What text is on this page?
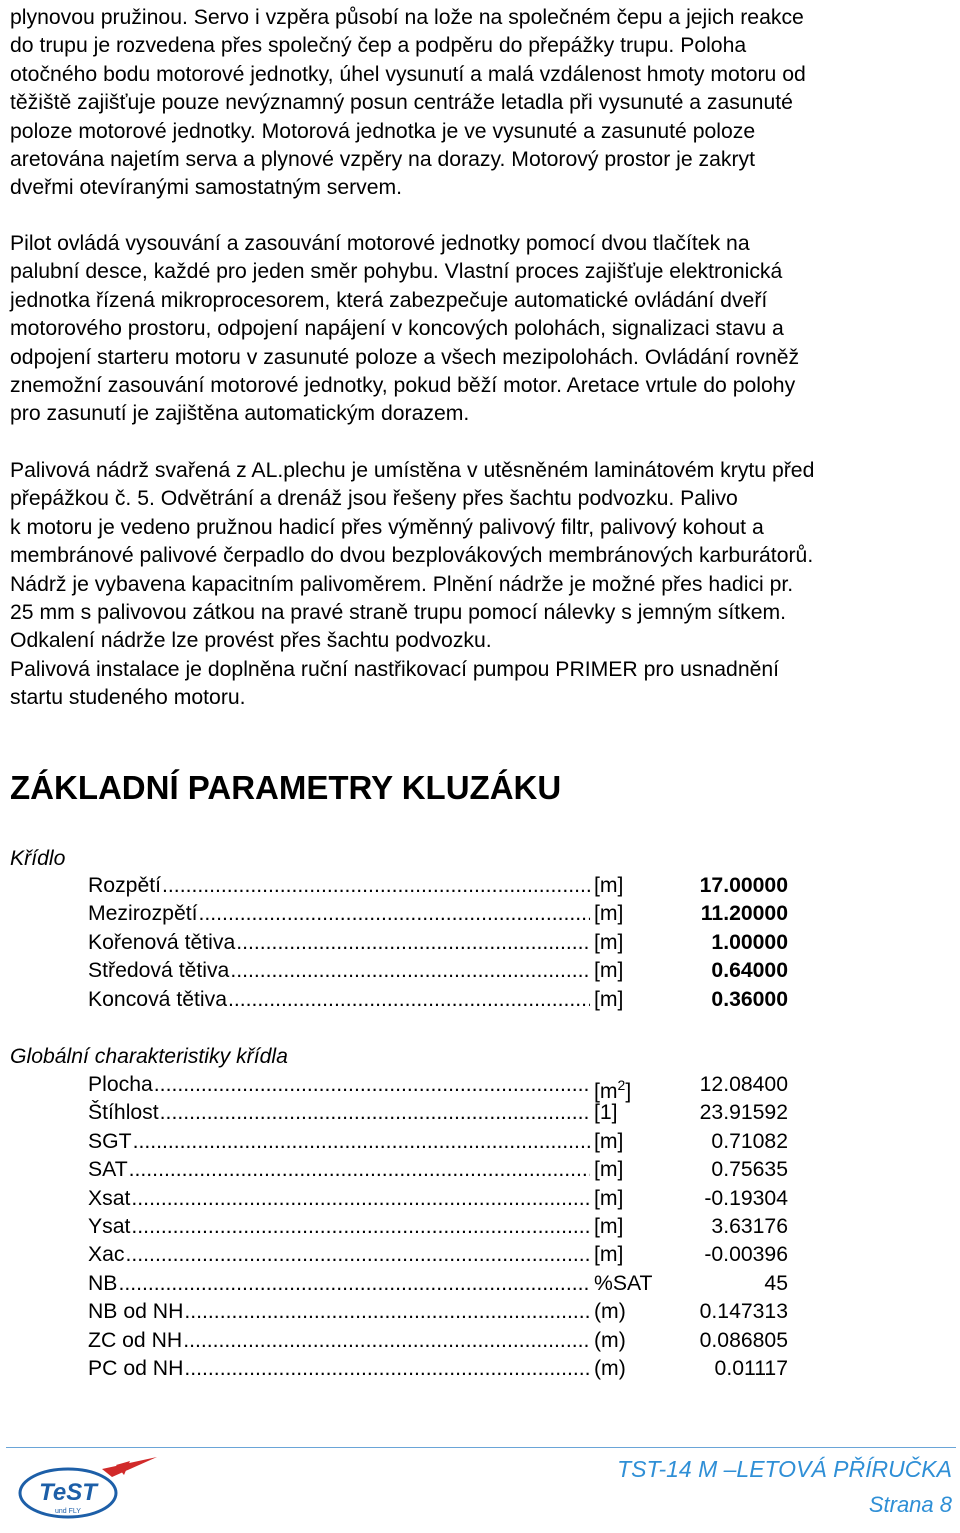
plynovou pružinou. Servo i vzpěra působí na lože na společném čepu a jejich reakce
do trupu je rozvedena přes společný čep a podpěru do přepážky trupu. Poloha
otočného bodu motorové jednotky, úhel vysunutí a malá vzdálenost hmoty motoru od
těžiště zajišťuje pouze nevýznamný posun centráže letadla při vysunuté a zasunuté
poloze motorové jednotky. Motorová jednotka je ve vysunuté a zasunuté poloze
aretována najetím serva a plynové vzpěry na dorazy. Motorový prostor je zakryt
dveřmi otevíranými samostatným servem.
Pilot ovládá vysouvání a zasouvání motorové jednotky pomocí dvou tlačítek na
palubní desce, každé pro jeden směr pohybu. Vlastní proces zajišťuje elektronická
jednotka řízená mikroprocesorem, která zabezpečuje automatické ovládání dveří
motorového prostoru, odpojení napájení v koncových polohách, signalizaci stavu a
odpojení starteru motoru v zasunuté poloze a všech mezipolohách. Ovládání rovněž
znemožní zasouvání motorové jednotky, pokud běží motor. Aretace vrtule do polohy
pro zasunutí je zajištěna automatickým dorazem.
Palivová nádrž svařená z AL.plechu je umístěna v utěsněném laminátovém krytu před
přepážkou č. 5. Odvětrání a drenáž jsou řešeny přes šachtu podvozku. Palivo
k motoru je vedeno pružnou hadicí přes výměnný palivový filtr, palivový kohout a
membránové palivové čerpadlo do dvou bezplovákových membránových karburátorů.
Nádrž je vybavena kapacitním palivoměrem. Plnění nádrže je možné přes hadici pr.
25 mm s palivovou zátkou na pravé straně trupu pomocí nálevky s jemným sítkem.
Odkalení nádrže lze provést přes šachtu podvozku.
Palivová instalace je doplněna ruční nastřikovací pumpou PRIMER pro usnadnění
startu studeného motoru.
ZÁKLADNÍ PARAMETRY KLUZÁKU
Křídlo
Rozpětí .....	[m]	17.00000
Mezirozpětí .....	[m]	11.20000
Kořenová tětiva .....	[m]	1.00000
Středová tětiva .....	[m]	0.64000
Koncová tětiva .....	[m]	0.36000
Globální charakteristiky křídla
Plocha .....	$[m^2]$	12.08400
Štíhlost .....	[1]	23.91592
SGT .....	[m]	0.71082
SAT .....	[m]	0.75635
Xsat .....	[m]	-0.19304
Ysat .....	[m]	3.63176
Xac .....	[m]	-0.00396
NB .....	%SAT	45
NB od NH .....	(m)	0.147313
ZC od NH .....	(m)	0.086805
PC od NH .....	(m)	0.01117
TeST
und FLY
TST-14 M –LETOVÁ PŘÍRUČKA
Strana 8
